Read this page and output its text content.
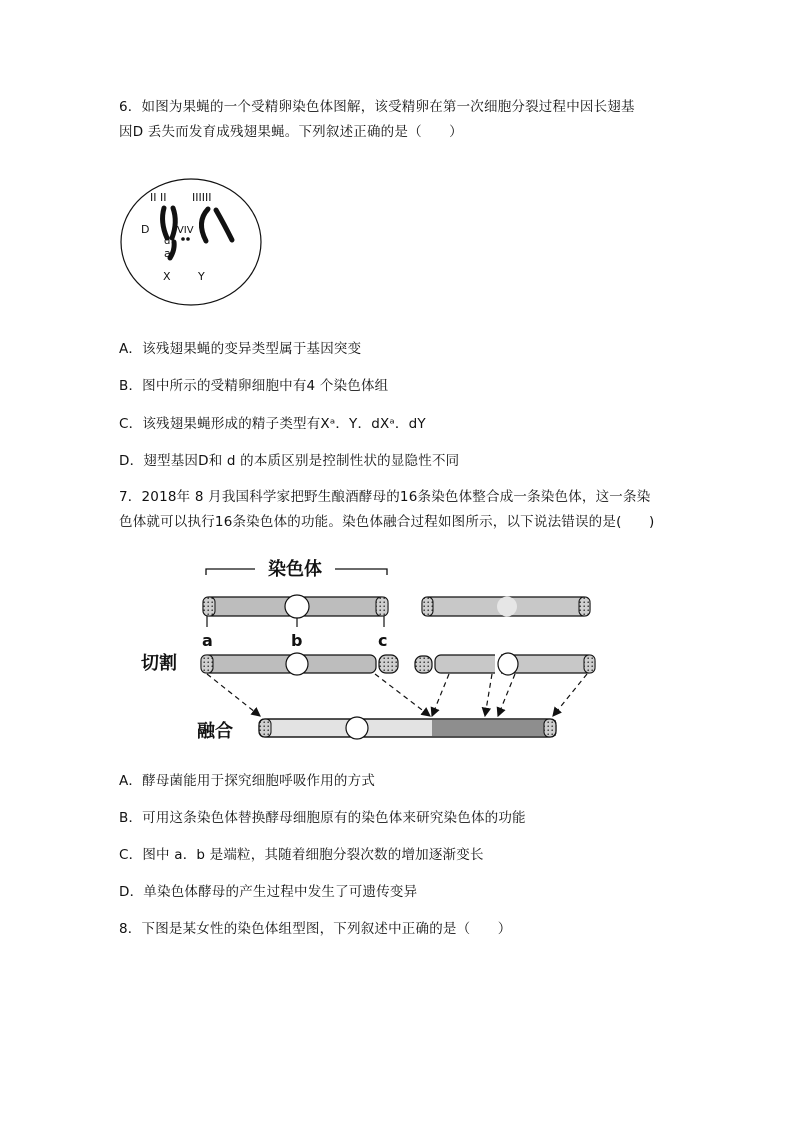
6．如图为果蝇的一个受精卵染色体图解，该受精卵在第一次细胞分裂过程中因长翅基
因D 丢失而发育成残翅果蝇。下列叙述正确的是（　　）
II II IIIIII
D IVIV
d
a
X Y
A．该残翅果蝇的变异类型属于基因突变
B．图中所示的受精卵细胞中有4 个染色体组
C．该残翅果蝇形成的精子类型有Xᵃ．Y．dXᵃ．dY
D．翅型基因D和 d 的本质区别是控制性状的显隐性不同
7．2018年 8 月我国科学家把野生酿酒酵母的16条染色体整合成一条染色体，这一条染
色体就可以执行16条染色体的功能。染色体融合过程如图所示，以下说法错误的是(　　)
染色体
a	b	c
切割
融合
A．酵母菌能用于探究细胞呼吸作用的方式
B．可用这条染色体替换酵母细胞原有的染色体来研究染色体的功能
C．图中 a．b 是端粒，其随着细胞分裂次数的增加逐渐变长
D．单染色体酵母的产生过程中发生了可遗传变异
8．下图是某女性的染色体组型图，下列叙述中正确的是（　　）
